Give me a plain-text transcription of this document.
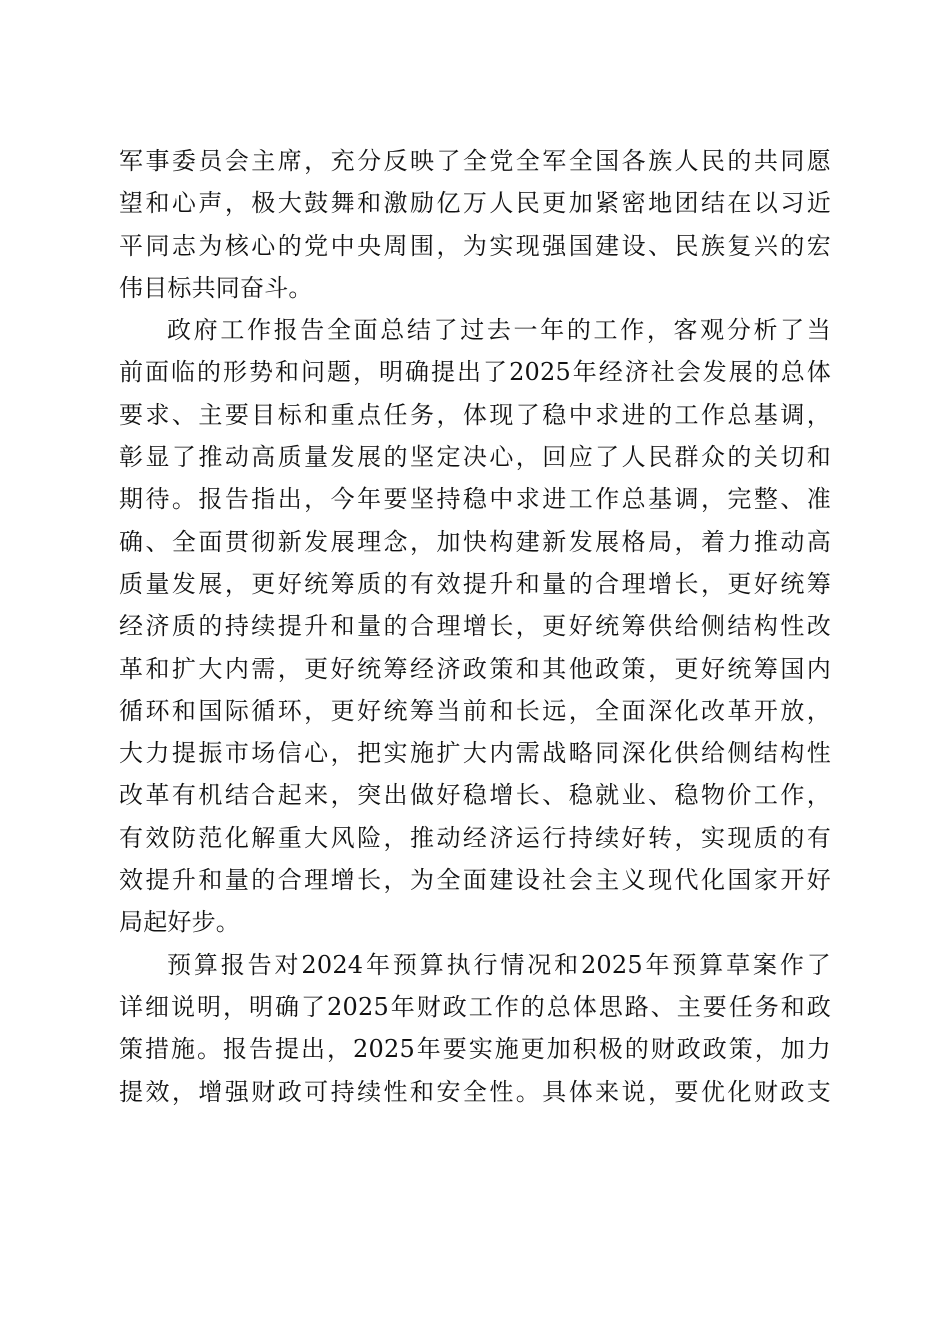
军事委员会主席，充分反映了全党全军全国各族人民的共同愿
望和心声，极大鼓舞和激励亿万人民更加紧密地团结在以习近
平同志为核心的党中央周围，为实现强国建设、民族复兴的宏
伟目标共同奋斗。
政府工作报告全面总结了过去一年的工作，客观分析了当
前面临的形势和问题，明确提出了2025年经济社会发展的总体
要求、主要目标和重点任务，体现了稳中求进的工作总基调，
彰显了推动高质量发展的坚定决心，回应了人民群众的关切和
期待。报告指出，今年要坚持稳中求进工作总基调，完整、准
确、全面贯彻新发展理念，加快构建新发展格局，着力推动高
质量发展，更好统筹质的有效提升和量的合理增长，更好统筹
经济质的持续提升和量的合理增长，更好统筹供给侧结构性改
革和扩大内需，更好统筹经济政策和其他政策，更好统筹国内
循环和国际循环，更好统筹当前和长远，全面深化改革开放，
大力提振市场信心，把实施扩大内需战略同深化供给侧结构性
改革有机结合起来，突出做好稳增长、稳就业、稳物价工作，
有效防范化解重大风险，推动经济运行持续好转，实现质的有
效提升和量的合理增长，为全面建设社会主义现代化国家开好
局起好步。
预算报告对2024年预算执行情况和2025年预算草案作了
详细说明，明确了2025年财政工作的总体思路、主要任务和政
策措施。报告提出，2025年要实施更加积极的财政政策，加力
提效，增强财政可持续性和安全性。具体来说，要优化财政支
